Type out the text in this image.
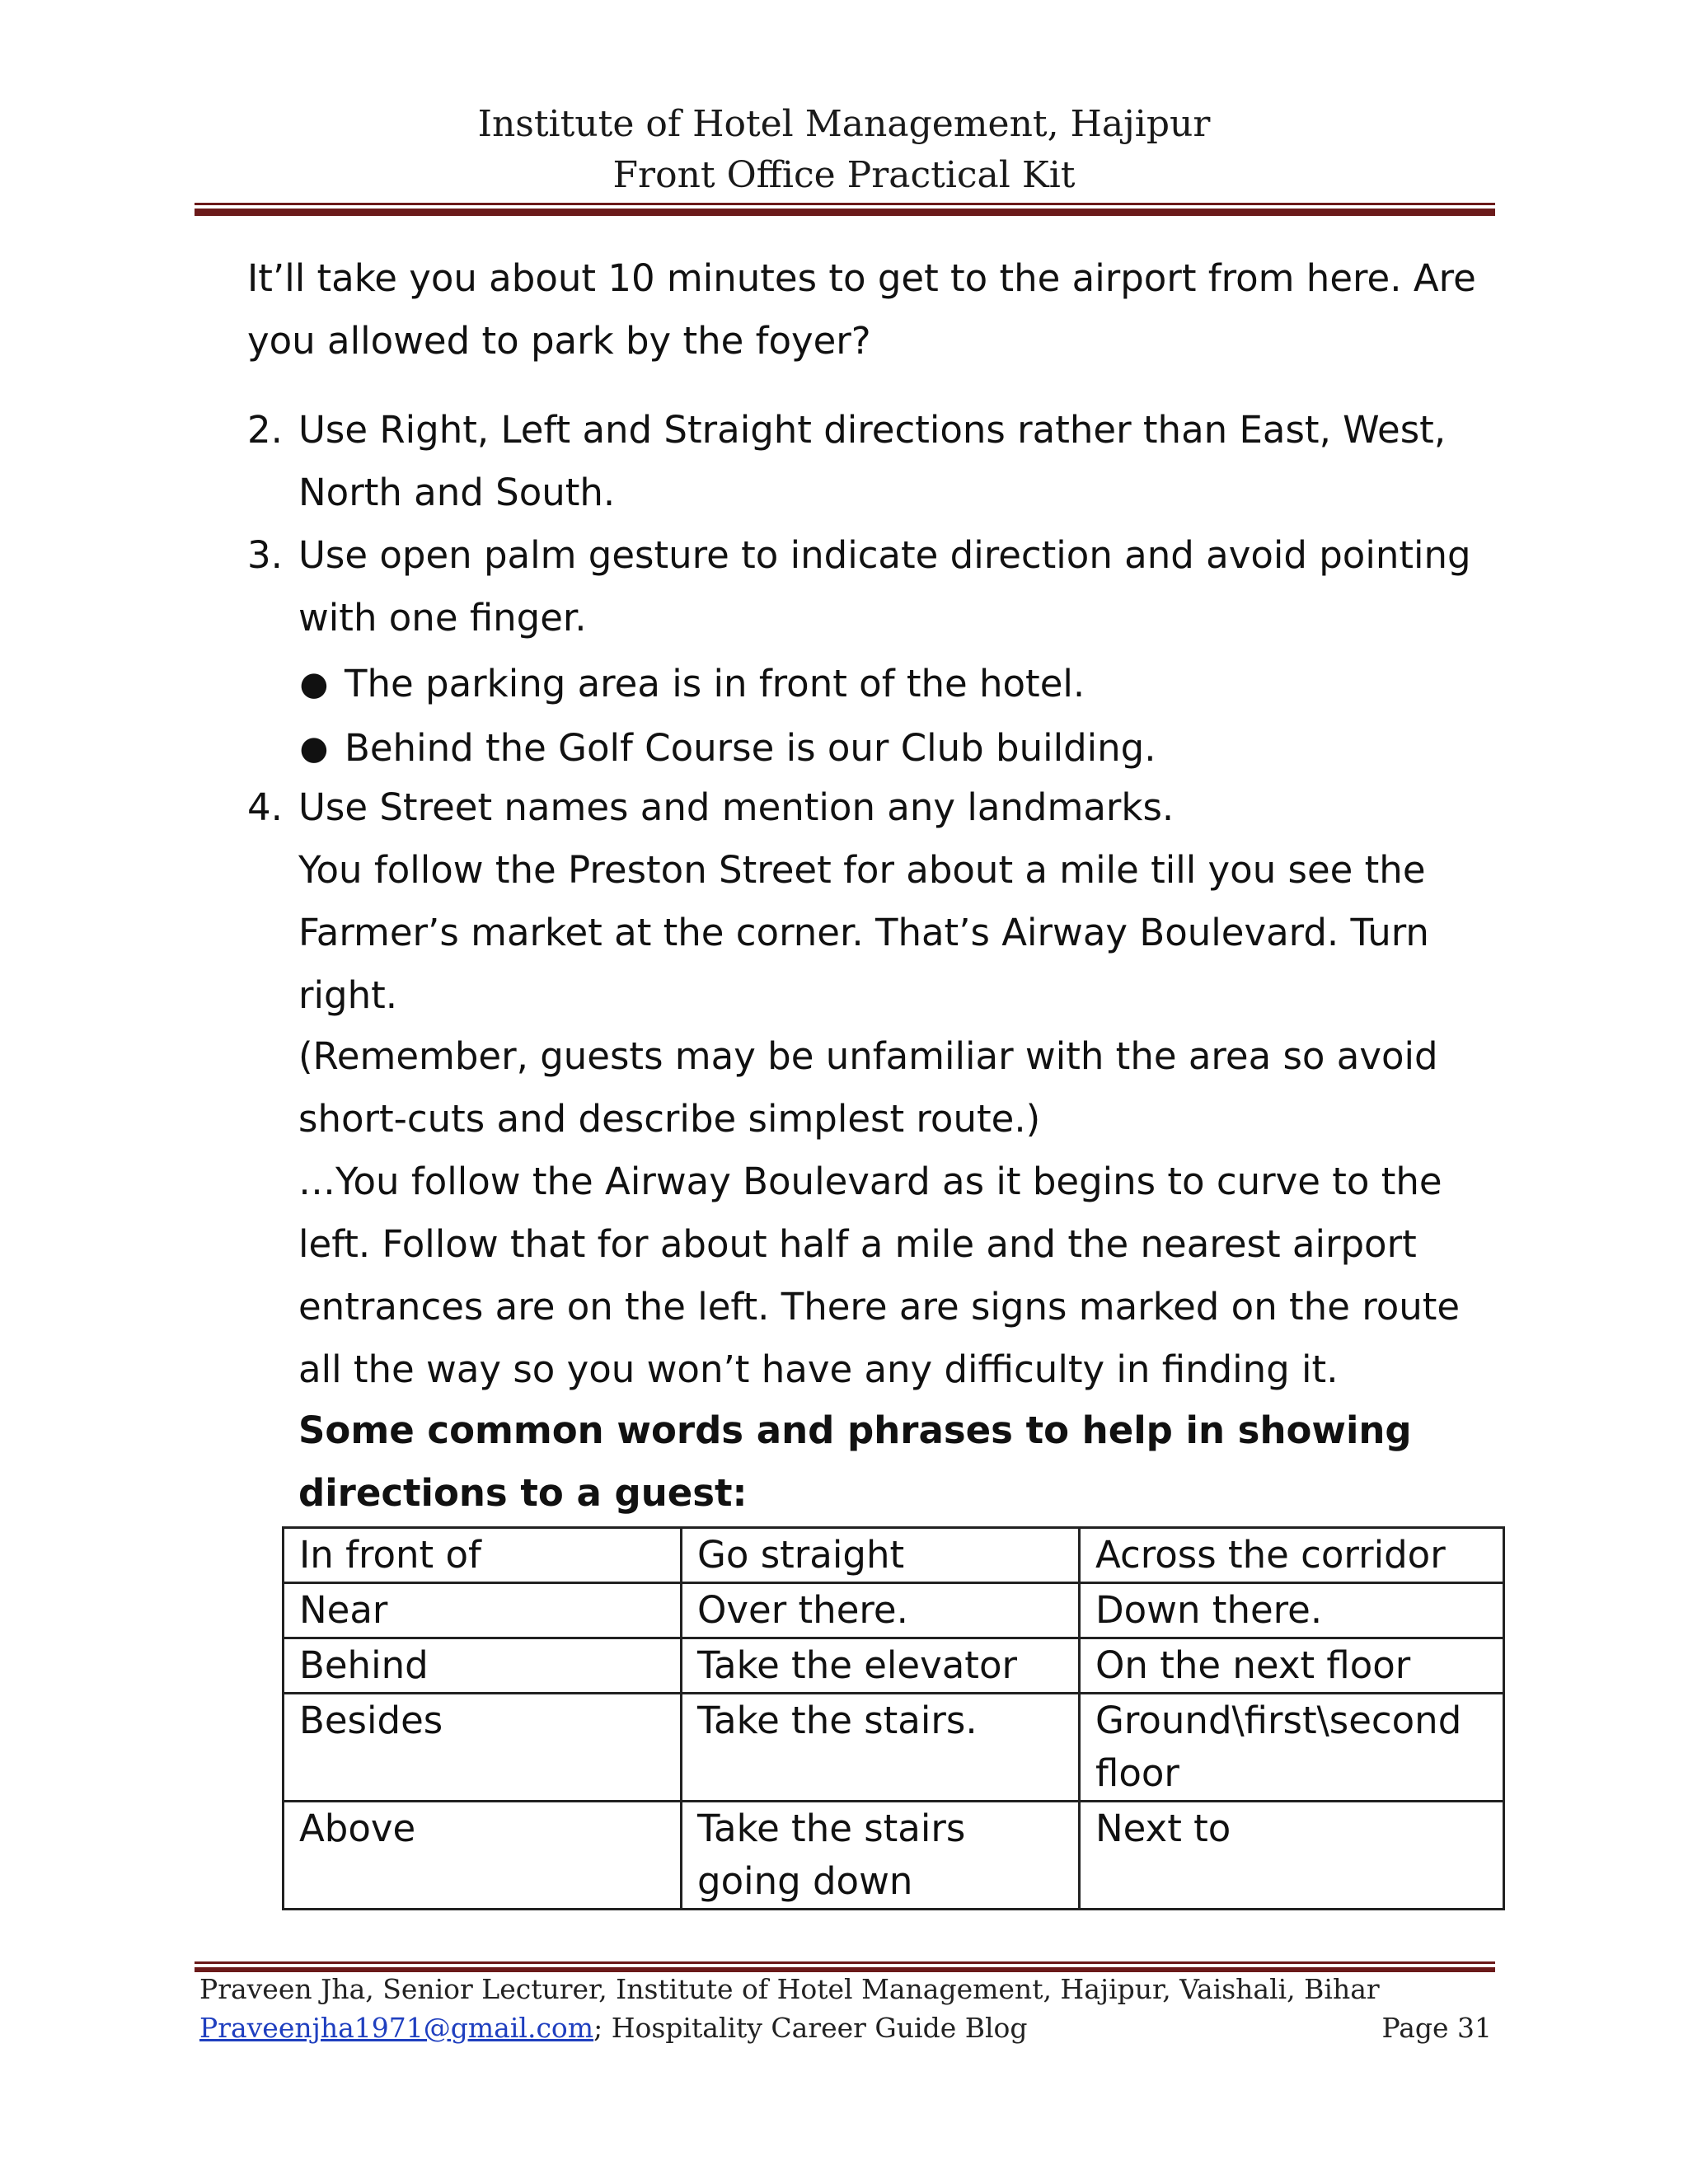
Institute of Hotel Management, Hajipur
Front Office Practical Kit
It’ll take you about 10 minutes to get to the airport from here. Are you allowed to park by the foyer?
2. Use Right, Left and Straight directions rather than East, West, North and South.
3. Use open palm gesture to indicate direction and avoid pointing with one finger.
● The parking area is in front of the hotel.
● Behind the Golf Course is our Club building.
4. Use Street names and mention any landmarks.
You follow the Preston Street for about a mile till you see the Farmer’s market at the corner. That’s Airway Boulevard. Turn right.
(Remember, guests may be unfamiliar with the area so avoid short-cuts and describe simplest route.)
…You follow the Airway Boulevard as it begins to curve to the left. Follow that for about half a mile and the nearest airport entrances are on the left. There are signs marked on the route all the way so you won’t have any difficulty in finding it.
Some common words and phrases to help in showing directions to a guest:
In front of	Go straight	Across the corridor
Near	Over there.	Down there.
Behind	Take the elevator	On the next floor
Besides	Take the stairs.	Ground\first\second floor
Above	Take the stairs going down	Next to
Praveen Jha, Senior Lecturer, Institute of Hotel Management, Hajipur, Vaishali, Bihar
Praveenjha1971@gmail.com; Hospitality Career Guide Blog	Page 31
